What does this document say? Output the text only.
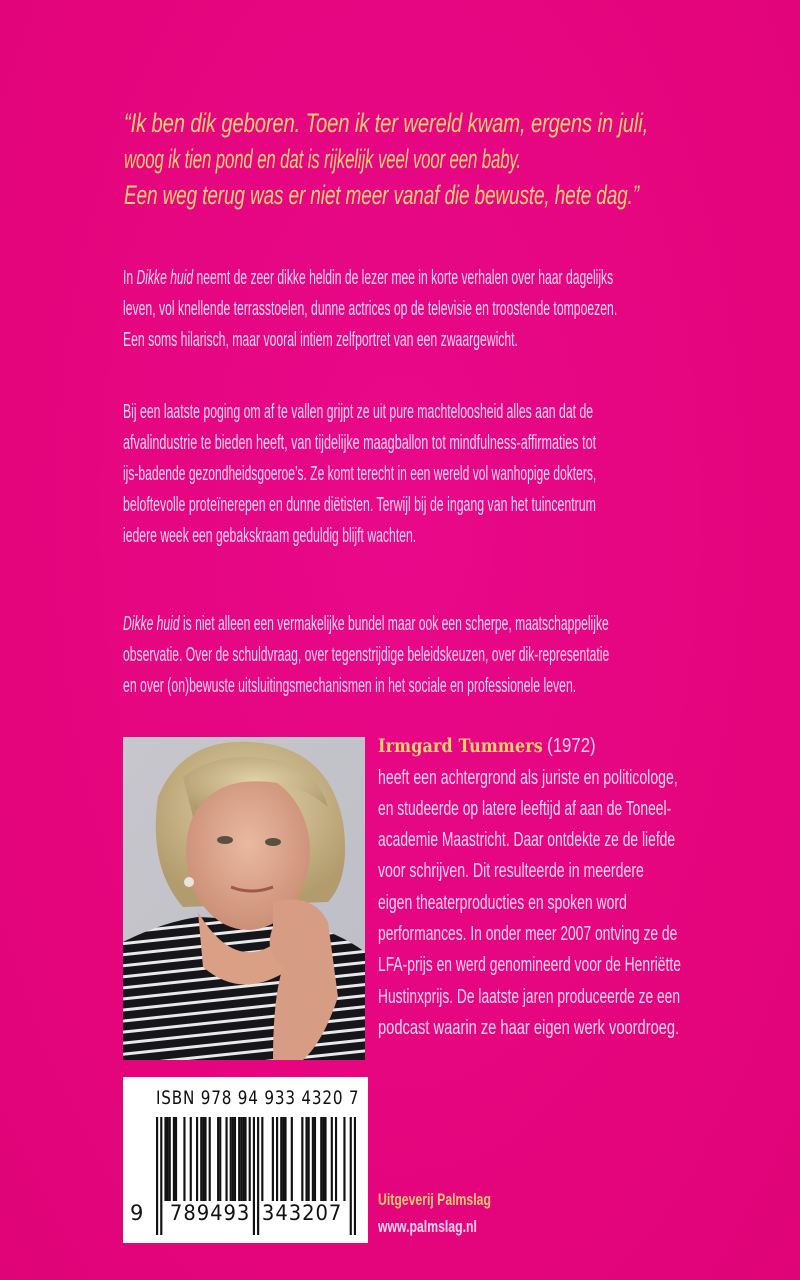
“Ik ben dik geboren. Toen ik ter wereld kwam, ergens in juli,
woog ik tien pond en dat is rijkelijk veel voor een baby.
Een weg terug was er niet meer vanaf die bewuste, hete dag.”
In Dikke huid neemt de zeer dikke heldin de lezer mee in korte verhalen over haar dagelijks
leven, vol knellende terrasstoelen, dunne actrices op de televisie en troostende tompoezen.
Een soms hilarisch, maar vooral intiem zelfportret van een zwaargewicht.
Bij een laatste poging om af te vallen grijpt ze uit pure machteloosheid alles aan dat de
afvalindustrie te bieden heeft, van tijdelijke maagballon tot mindfulness-affirmaties tot
ijs-badende gezondheidsgoeroe’s. Ze komt terecht in een wereld vol wanhopige dokters,
beloftevolle proteïnerepen en dunne diëtisten. Terwijl bij de ingang van het tuincentrum
iedere week een gebakskraam geduldig blijft wachten.
Dikke huid is niet alleen een vermakelijke bundel maar ook een scherpe, maatschappelijke
observatie. Over de schuldvraag, over tegenstrijdige beleidskeuzen, over dik-representatie
en over (on)bewuste uitsluitingsmechanismen in het sociale en professionele leven.
Irmgard Tummers (1972)
heeft een achtergrond als juriste en politicologe,
en studeerde op latere leeftijd af aan de Toneel-
academie Maastricht. Daar ontdekte ze de liefde
voor schrijven. Dit resulteerde in meerdere
eigen theaterproducties en spoken word
performances. In onder meer 2007 ontving ze de
LFA-prijs en werd genomineerd voor de Henriëtte
Hustinxprijs. De laatste jaren produceerde ze een
podcast waarin ze haar eigen werk voordroeg.
ISBN 978 94 933 4320 7
9 789493 343207
Uitgeverij Palmslag
www.palmslag.nl
